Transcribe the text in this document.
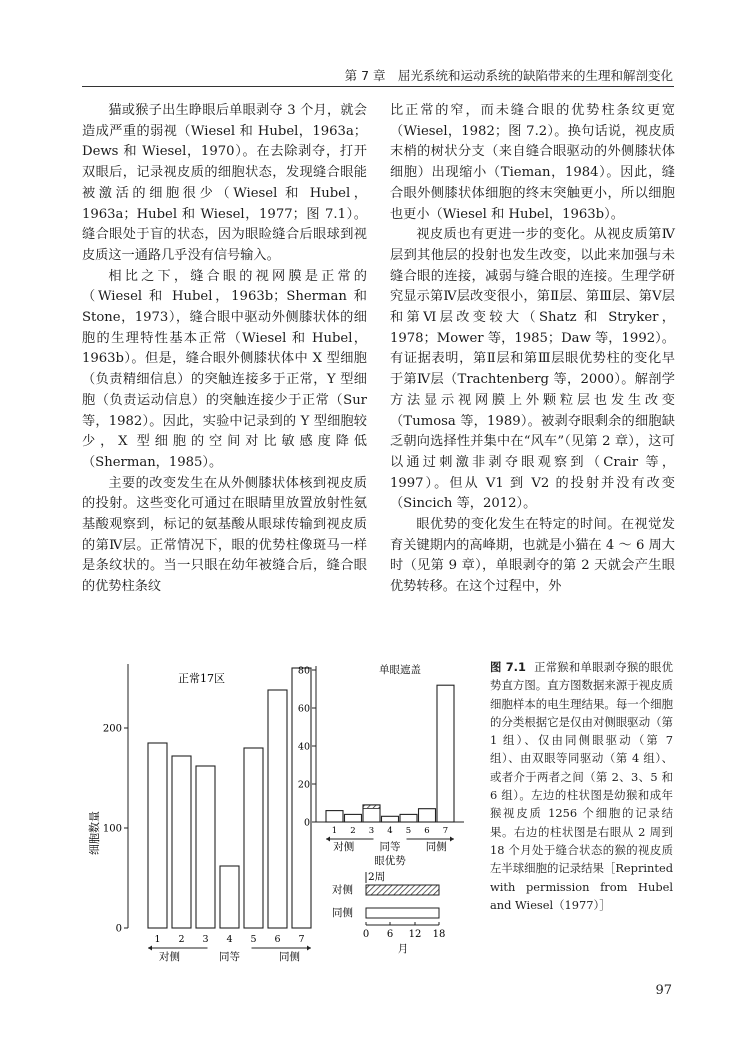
第 7 章　屈光系统和运动系统的缺陷带来的生理和解剖变化

猫或猴子出生睁眼后单眼剥夺 3 个月，就会造成严重的弱视（Wiesel 和 Hubel，1963a；Dews 和 Wiesel，1970）。在去除剥夺，打开双眼后，记录视皮质的细胞状态，发现缝合眼能被激活的细胞很少（Wiesel 和 Hubel，1963a；Hubel 和 Wiesel，1977；图 7.1）。缝合眼处于盲的状态，因为眼睑缝合后眼球到视皮质这一通路几乎没有信号输入。

相比之下，缝合眼的视网膜是正常的（Wiesel 和 Hubel，1963b；Sherman 和 Stone，1973），缝合眼中驱动外侧膝状体的细胞的生理特性基本正常（Wiesel 和 Hubel，1963b）。但是，缝合眼外侧膝状体中 X 型细胞（负责精细信息）的突触连接多于正常，Y 型细胞（负责运动信息）的突触连接少于正常（Sur 等，1982）。因此，实验中记录到的 Y 型细胞较少，X 型细胞的空间对比敏感度降低（Sherman，1985）。

主要的改变发生在从外侧膝状体核到视皮质的投射。这些变化可通过在眼睛里放置放射性氨基酸观察到，标记的氨基酸从眼球传输到视皮质的第Ⅳ层。正常情况下，眼的优势柱像斑马一样是条纹状的。当一只眼在幼年被缝合后，缝合眼的优势柱条纹

比正常的窄，而未缝合眼的优势柱条纹更宽（Wiesel，1982；图 7.2）。换句话说，视皮质末梢的树状分支（来自缝合眼驱动的外侧膝状体细胞）出现缩小（Tieman，1984）。因此，缝合眼外侧膝状体细胞的终末突触更小，所以细胞也更小（Wiesel 和 Hubel，1963b）。

视皮质也有更进一步的变化。从视皮质第Ⅳ层到其他层的投射也发生改变，以此来加强与未缝合眼的连接，减弱与缝合眼的连接。生理学研究显示第Ⅳ层改变很小，第Ⅱ层、第Ⅲ层、第Ⅴ层和第Ⅵ层改变较大（Shatz 和 Stryker，1978；Mower 等，1985；Daw 等，1992）。有证据表明，第Ⅱ层和第Ⅲ层眼优势柱的变化早于第Ⅳ层（Trachtenberg 等，2000）。解剖学方法显示视网膜上外颗粒层也发生改变（Tumosa 等，1989）。被剥夺眼剩余的细胞缺乏朝向选择性并集中在“风车”（见第 2 章），这可以通过刺激非剥夺眼观察到（Crair 等，1997）。但从 V1 到 V2 的投射并没有改变（Sincich 等，2012）。

眼优势的变化发生在特定的时间。在视觉发育关键期内的高峰期，也就是小猫在 4 ～ 6 周大时（见第 9 章），单眼剥夺的第 2 天就会产生眼优势转移。在这个过程中，外

0
100
200
1 2 3 4 5 6 7
对侧	同等	同侧
正常17区
细胞数量	0
20
40
60
80
1 2 3 4 5 6 7
对侧 同等 同侧
单眼遮盖
眼优势
2周
对侧
同侧
0 6 12 18
月
图 7.1 正常猴和单眼剥夺猴的眼优势直方图。直方图数据来源于视皮质细胞样本的电生理结果。每一个细胞的分类根据它是仅由对侧眼驱动（第 1 组）、仅由同侧眼驱动（第 7 组）、由双眼等同驱动（第 4 组）、或者介于两者之间（第 2、3、5 和 6 组）。左边的柱状图是幼猴和成年猴视皮质 1256 个细胞的记录结果。右边的柱状图是右眼从 2 周到 18 个月处于缝合状态的猴的视皮质左半球细胞的记录结果［Reprinted with permission from Hubel and Wiesel（1977）］
97
